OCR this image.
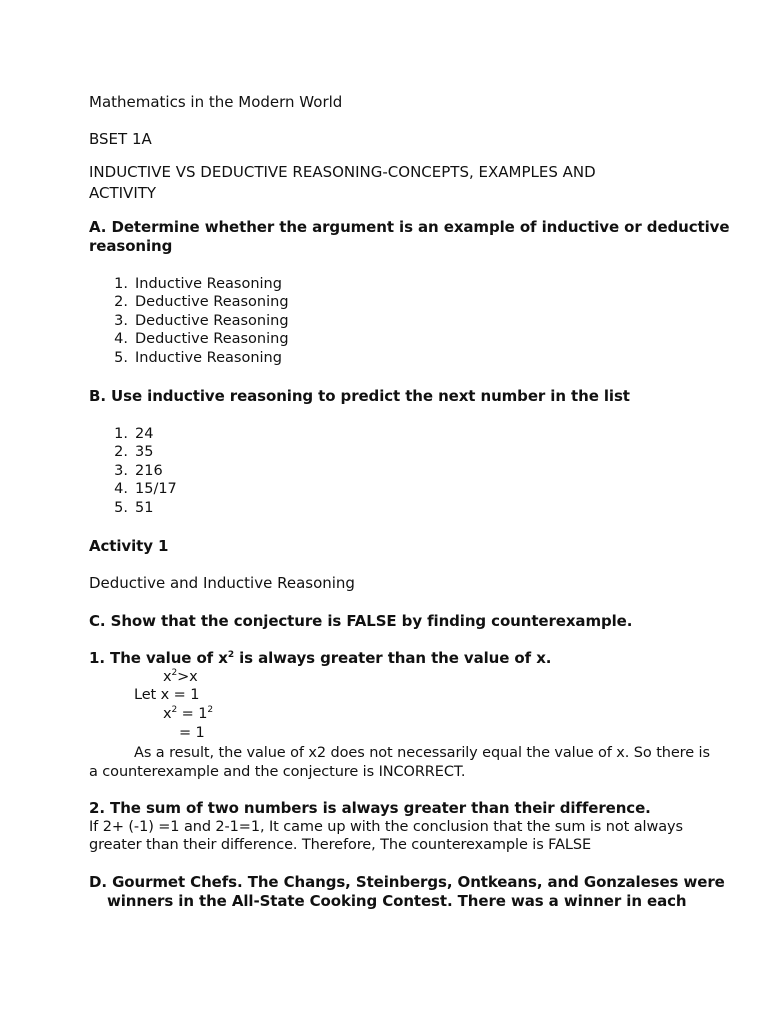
Mathematics in the Modern World
BSET 1A
INDUCTIVE VS DEDUCTIVE REASONING-CONCEPTS, EXAMPLES AND
ACTIVITY
A. Determine whether the argument is an example of inductive or deductive
reasoning
1. Inductive Reasoning
2. Deductive Reasoning
3. Deductive Reasoning
4. Deductive Reasoning
5. Inductive Reasoning
B. Use inductive reasoning to predict the next number in the list
1. 24
2. 35
3. 216
4. 15/17
5. 51
Activity 1
Deductive and Inductive Reasoning
C. Show that the conjecture is FALSE by finding counterexample.
1. The value of $x^2$ is always greater than the value of x.
$x^2>x$
Let x = 1
$x^2 = 1^2$
= 1
As a result, the value of x2 does not necessarily equal the value of x. So there is
a counterexample and the conjecture is INCORRECT.
2. The sum of two numbers is always greater than their difference.
If 2+ (-1) =1 and 2-1=1, It came up with the conclusion that the sum is not always
greater than their difference. Therefore, The counterexample is FALSE
D. Gourmet Chefs. The Changs, Steinbergs, Ontkeans, and Gonzaleses were
winners in the All-State Cooking Contest. There was a winner in each
